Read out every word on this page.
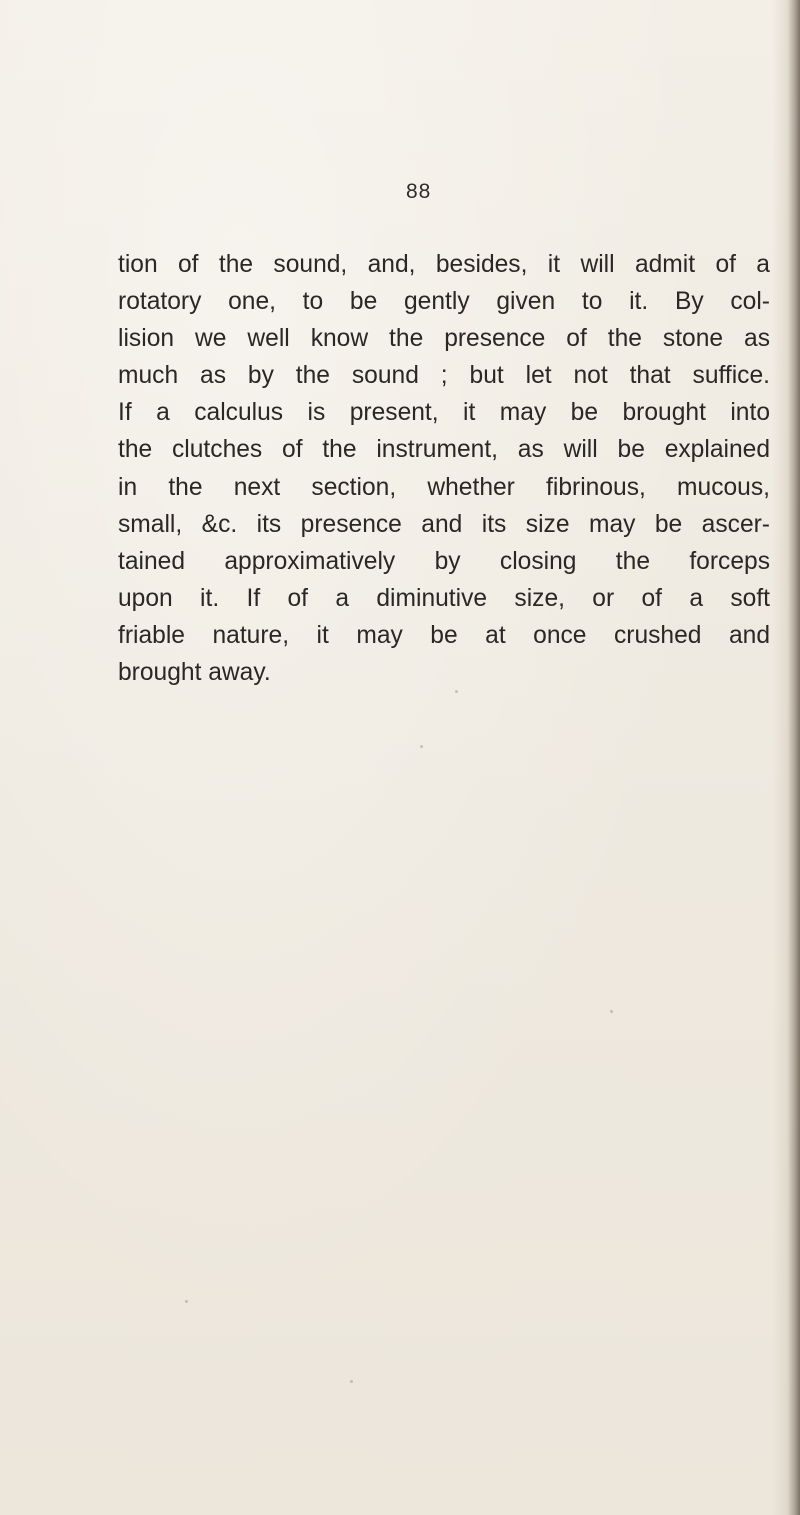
88
tion of the sound, and, besides, it will admit of a
rotatory one, to be gently given to it. By col-
lision we well know the presence of the stone as
much as by the sound ; but let not that suffice.
If a calculus is present, it may be brought into
the clutches of the instrument, as will be explained
in the next section, whether fibrinous, mucous,
small, &c. its presence and its size may be ascer-
tained approximatively by closing the forceps
upon it. If of a diminutive size, or of a soft
friable nature, it may be at once crushed and
brought away.
